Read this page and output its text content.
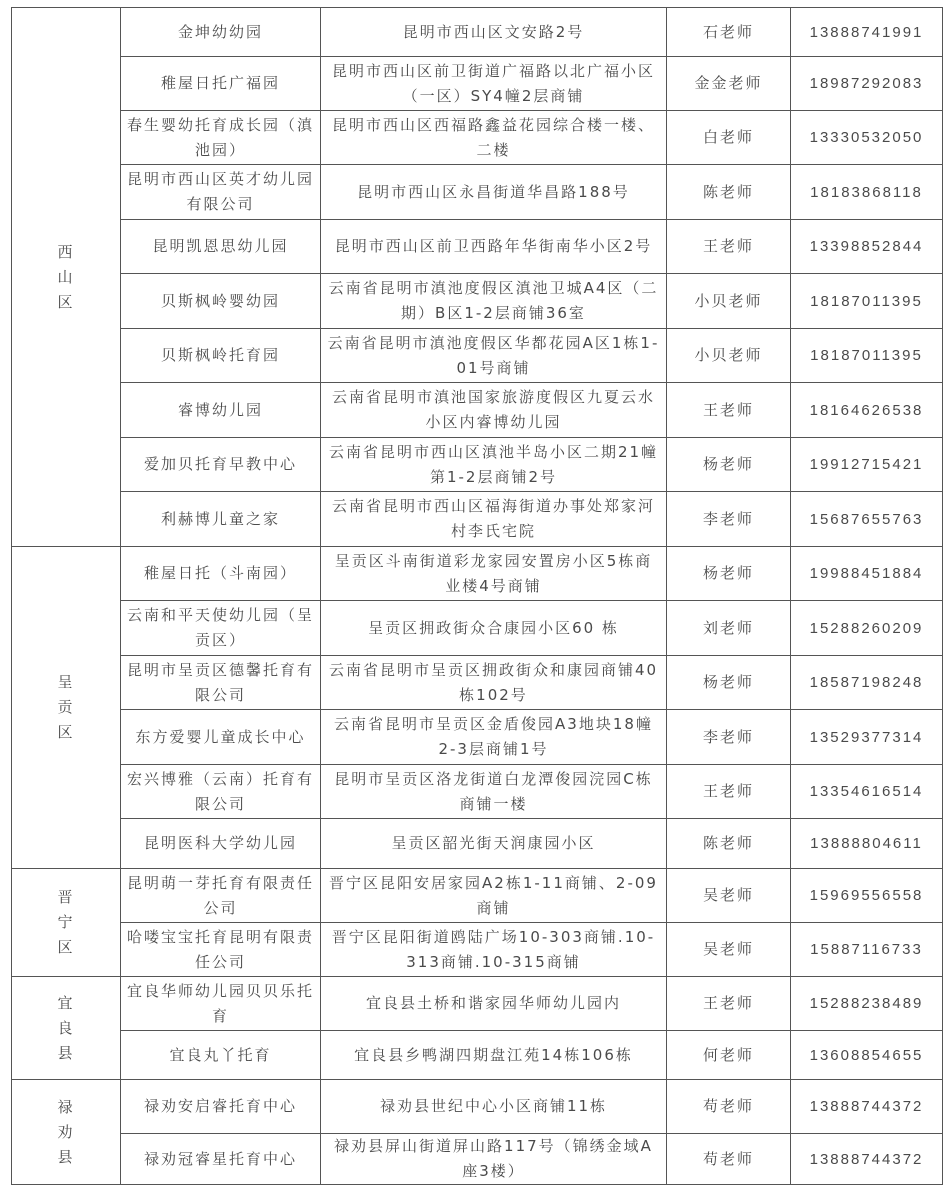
西山区	金坤幼幼园	昆明市西山区文安路2号	石老师	13888741991
	稚屋日托广福园	昆明市西山区前卫街道广福路以北广福小区（一区）SY4幢2层商铺	金金老师	18987292083
	春生婴幼托育成长园（滇池园）	昆明市西山区西福路鑫益花园综合楼一楼、二楼	白老师	13330532050
	昆明市西山区英才幼儿园有限公司	昆明市西山区永昌街道华昌路188号	陈老师	18183868118
	昆明凯恩思幼儿园	昆明市西山区前卫西路年华街南华小区2号	王老师	13398852844
	贝斯枫岭婴幼园	云南省昆明市滇池度假区滇池卫城A4区（二期）B区1-2层商铺36室	小贝老师	18187011395
	贝斯枫岭托育园	云南省昆明市滇池度假区华都花园A区1栋1-01号商铺	小贝老师	18187011395
	睿博幼儿园	云南省昆明市滇池国家旅游度假区九夏云水小区内睿博幼儿园	王老师	18164626538
	爱加贝托育早教中心	云南省昆明市西山区滇池半岛小区二期21幢第1-2层商铺2号	杨老师	19912715421
	利赫博儿童之家	云南省昆明市西山区福海街道办事处郑家河村李氏宅院	李老师	15687655763
呈贡区	稚屋日托（斗南园）	呈贡区斗南街道彩龙家园安置房小区5栋商业楼4号商铺	杨老师	19988451884
	云南和平天使幼儿园（呈贡区）	呈贡区拥政街众合康园小区60 栋	刘老师	15288260209
	昆明市呈贡区德馨托育有限公司	云南省昆明市呈贡区拥政街众和康园商铺40栋102号	杨老师	18587198248
	东方爱婴儿童成长中心	云南省昆明市呈贡区金盾俊园A3地块18幢2-3层商铺1号	李老师	13529377314
	宏兴博雅（云南）托育有限公司	昆明市呈贡区洛龙街道白龙潭俊园浣园C栋商铺一楼	王老师	13354616514
	昆明医科大学幼儿园	呈贡区韶光街天润康园小区	陈老师	13888804611
晋宁区	昆明萌一芽托育有限责任公司	晋宁区昆阳安居家园A2栋1-11商铺、2-09商铺	吴老师	15969556558
	哈喽宝宝托育昆明有限责任公司	晋宁区昆阳街道鸥陆广场10-303商铺.10-313商铺.10-315商铺	吴老师	15887116733
宜良县	宜良华师幼儿园贝贝乐托育	宜良县土桥和谐家园华师幼儿园内	王老师	15288238489
	宜良丸丫托育	宜良县乡鸭湖四期盘江苑14栋106栋	何老师	13608854655
禄劝县	禄劝安启睿托育中心	禄劝县世纪中心小区商铺11栋	苟老师	13888744372
	禄劝冠睿星托育中心	禄劝县屏山街道屏山路117号（锦绣金域A座3楼）	苟老师	13888744372
